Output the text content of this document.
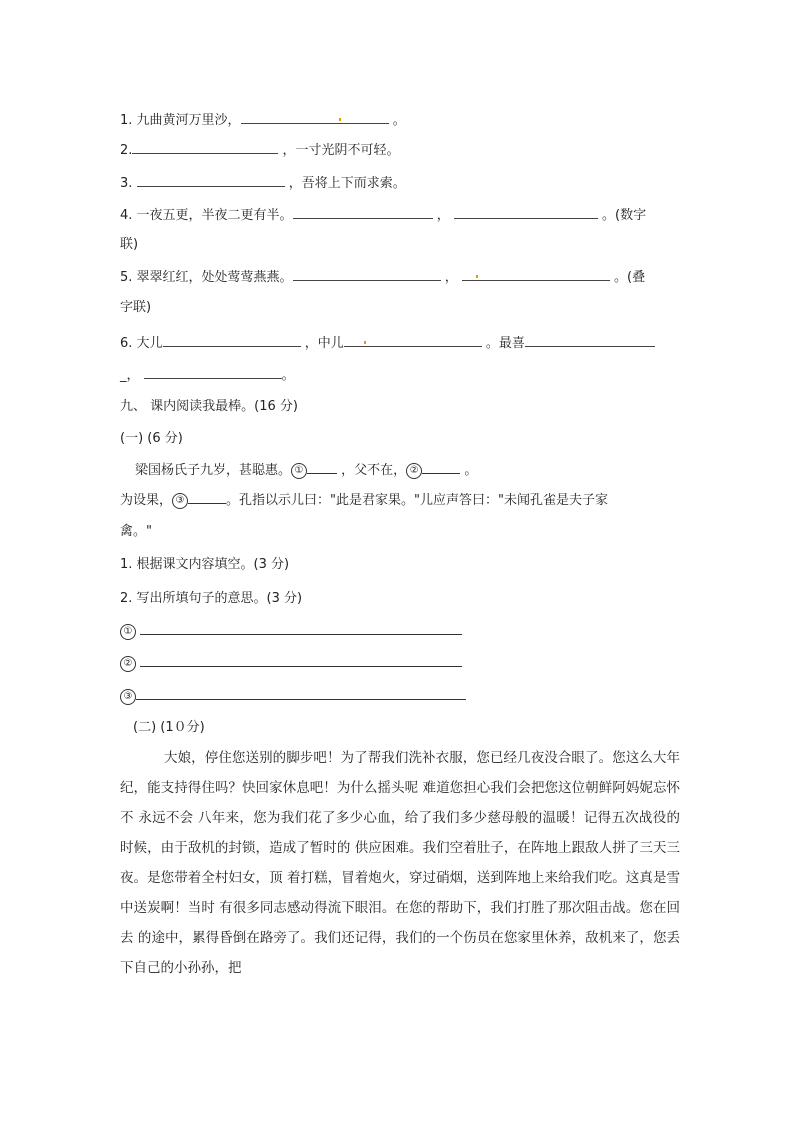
1. 九曲黄河万里沙，	。
2.	，一寸光阴不可轻。
3.	，吾将上下而求索。
4. 一夜五更，半夜二更有半。	，	。(数字
联)
5. 翠翠红红，处处莺莺燕燕。	，	。(叠
字联)
6. 大儿	，中儿	。最喜
_，	。
九、 课内阅读我最棒。(16 分)
(一) (6 分)
梁国杨氏子九岁，甚聪惠。 ①	，父不在， ②	。
为设果， ③	。孔指以示儿曰："此是君家果。"儿应声答曰："未闻孔雀是夫子家
禽。"
1. 根据课文内容填空。(3 分)
2. 写出所填句子的意思。(3 分)
①
②
③
(二) (1０分)
大娘，停住您送别的脚步吧！为了帮我们洗补衣服，您已经几夜没合眼了。您这么大年纪，能支持得住吗？快回家休息吧！为什么摇头呢 难道您担心我们会把您这位朝鲜阿妈妮忘怀 不 永远不会 八年来，您为我们花了多少心血，给了我们多少慈母般的温暖！记得五次战役的时候，由于敌机的封锁，造成了暂时的 供应困难。我们空着肚子，在阵地上跟敌人拼了三天三夜。是您带着全村妇女，顶 着打糕，冒着炮火，穿过硝烟，送到阵地上来给我们吃。这真是雪中送炭啊！当时 有很多同志感动得流下眼泪。在您的帮助下，我们打胜了那次阻击战。您在回去 的途中，累得昏倒在路旁了。我们还记得，我们的一个伤员在您家里休养，敌机来了，您丢下自己的小孙孙，把
